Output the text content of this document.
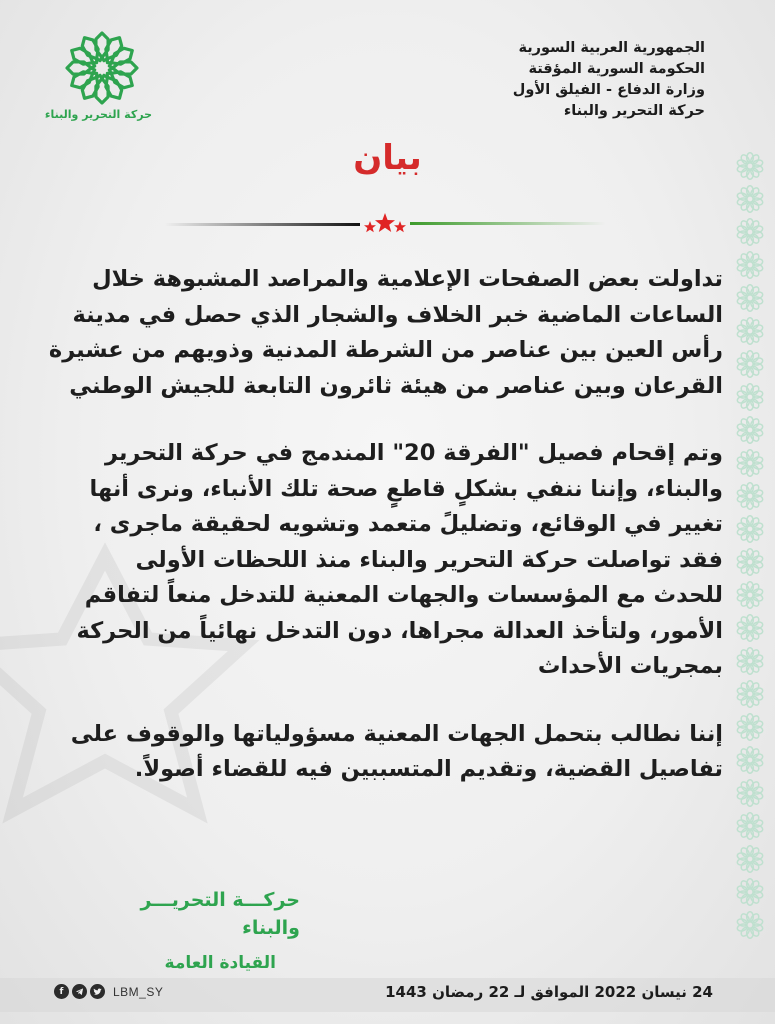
حركة التحرير والبناء
الجمهورية العربية السورية
الحكومة السورية المؤقتة
وزارة الدفاع - الفيلق الأول
حركة التحرير والبناء
بيان
تداولت بعض الصفحات الإعلامية والمراصد المشبوهة خلال
الساعات الماضية خبر الخلاف والشجار الذي حصل في مدينة
رأس العين بين عناصر من الشرطة المدنية وذويهم من عشيرة
القرعان وبين عناصر من هيئة ثائرون التابعة للجيش الوطني
وتم إقحام فصيل "الفرقة 20" المندمج في حركة التحرير
والبناء، وإننا ننفي بشكلٍ قاطعٍ صحة تلك الأنباء، ونرى أنها
تغيير في الوقائع، وتضليلً متعمد وتشويه لحقيقة ماجرى ،
فقد تواصلت حركة التحرير والبناء منذ اللحظات الأولى
للحدث مع المؤسسات والجهات المعنية للتدخل منعاً لتفاقم
الأمور، ولتأخذ العدالة مجراها، دون التدخل نهائياً من الحركة
بمجريات الأحداث
إننا نطالب بتحمل الجهات المعنية مسؤولياتها والوقوف على
تفاصيل القضية، وتقديم المتسببين فيه للقضاء أصولاً.
حركـــة التحريـــر والبناء
القيادة العامة
f	LBM_SY	24 نيسان 2022 الموافق لـ 22 رمضان 1443
